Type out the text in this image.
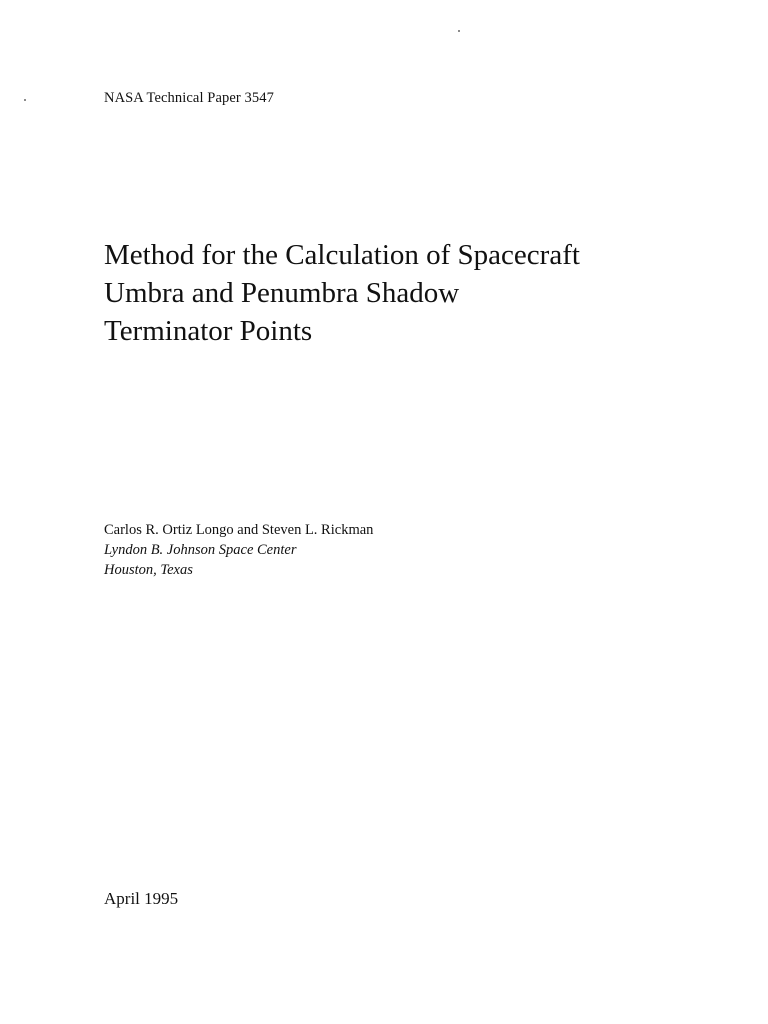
NASA Technical Paper 3547
Method for the Calculation of Spacecraft
Umbra and Penumbra Shadow
Terminator Points
Carlos R. Ortiz Longo and Steven L. Rickman
Lyndon B. Johnson Space Center
Houston, Texas
April 1995
